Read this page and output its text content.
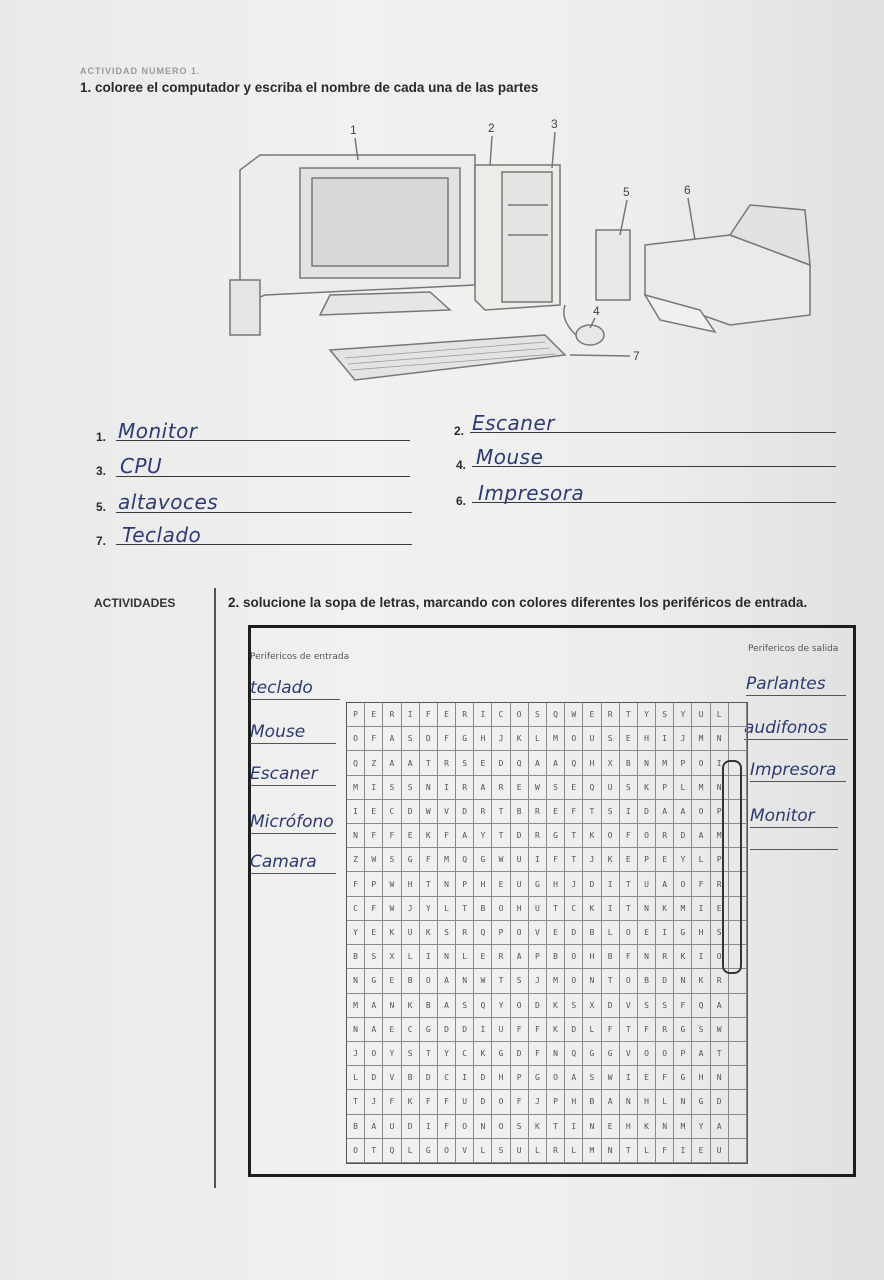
ACTIVIDAD NUMERO 1.
1. coloree el computador y escriba el nombre de cada una de las partes
1	2	3
4
5	6
7
1. Monitor	2. Escaner
3. CPU	4. Mouse
5. altavoces	6. Impresora
7. Teclado
ACTIVIDADES	2. solucione la sopa de letras, marcando con colores diferentes los periféricos de entrada.
Perifericos de entrada
Perifericos de salida
teclado
Mouse
Escaner
Micrófono
Camara
Parlantes
audifonos
Impresora
Monitor
P	E	R	I	F	E	R	I	C	O	S	Q	W	E	R	T	Y	S	Y	U	L
O	F	A	S	D	F	G	H	J	K	L	M	O	U	S	E	H	I	J	M	N
Q	Z	A	A	T	R	S	E	D	Q	A	A	Q	H	X	B	N	M	P	O	I
M	I	S	S	N	I	R	A	R	E	W	S	E	Q	U	S	K	P	L	M	N
I	E	C	D	W	V	D	R	T	B	R	E	F	T	S	I	D	A	A	O	P
N	F	F	E	K	F	A	Y	T	D	R	G	T	K	O	F	O	R	D	A	M
Z	W	S	G	F	M	Q	G	W	U	I	F	T	J	K	E	P	E	Y	L	P
F	P	W	H	T	N	P	H	E	U	G	H	J	D	I	T	U	A	O	F	R
C	F	W	J	Y	L	T	B	O	H	U	T	C	K	I	T	N	K	M	I	E
Y	E	K	U	K	S	R	Q	P	O	V	E	D	B	L	O	E	I	G	H	S
B	S	X	L	I	N	L	E	R	A	P	B	O	H	B	F	N	R	K	I	O
N	G	E	B	O	A	N	W	T	S	J	M	O	N	T	O	B	D	N	K	R
M	A	N	K	B	A	S	Q	Y	O	D	K	S	X	D	V	S	S	F	Q	A
N	A	E	C	G	D	D	I	U	F	F	K	D	L	F	T	F	R	G	S	W
J	O	Y	S	T	Y	C	K	G	D	F	N	Q	G	G	V	O	O	P	A	T
L	D	V	B	D	C	I	D	H	P	G	O	A	S	W	I	E	F	G	H	N
T	J	F	K	F	F	U	D	O	F	J	P	H	B	A	N	H	L	N	G	D
B	A	U	D	I	F	O	N	O	S	K	T	I	N	E	H	K	N	M	Y	A
O	T	Q	L	G	O	V	L	S	U	L	R	L	M	N	T	L	F	I	E	U
